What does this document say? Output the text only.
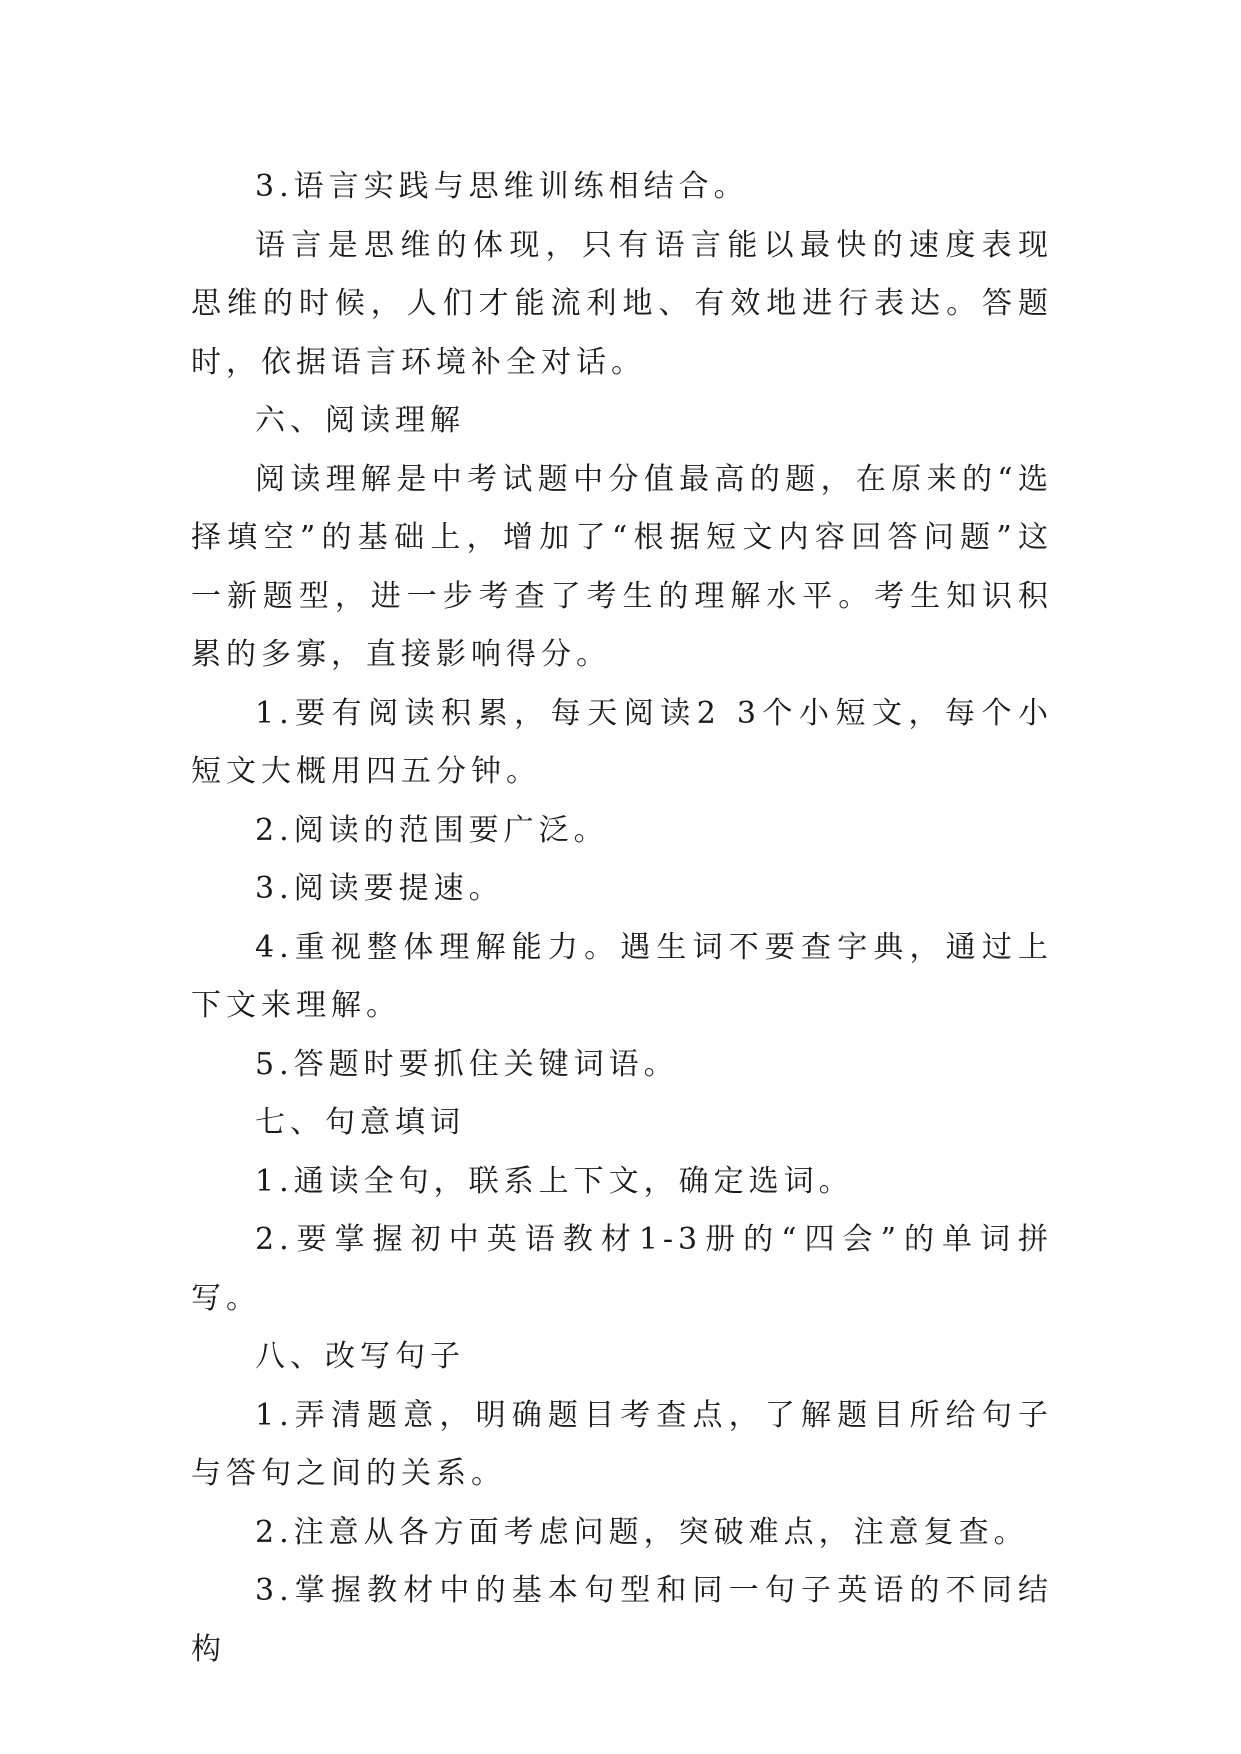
3.语言实践与思维训练相结合。

语言是思维的体现，只有语言能以最快的速度表现思维的时候，人们才能流利地、有效地进行表达。答题时，依据语言环境补全对话。

六、阅读理解

阅读理解是中考试题中分值最高的题，在原来的“选择填空”的基础上，增加了“根据短文内容回答问题”这一新题型，进一步考查了考生的理解水平。考生知识积累的多寡，直接影响得分。

1.要有阅读积累，每天阅读2 3个小短文，每个小短文大概用四五分钟。

2.阅读的范围要广泛。

3.阅读要提速。

4.重视整体理解能力。遇生词不要查字典，通过上下文来理解。

5.答题时要抓住关键词语。

七、句意填词

1.通读全句，联系上下文，确定选词。

2.要掌握初中英语教材1-3册的“四会”的单词拼写。

八、改写句子

1.弄清题意，明确题目考查点，了解题目所给句子与答句之间的关系。

2.注意从各方面考虑问题，突破难点，注意复查。

3.掌握教材中的基本句型和同一句子英语的不同结构
